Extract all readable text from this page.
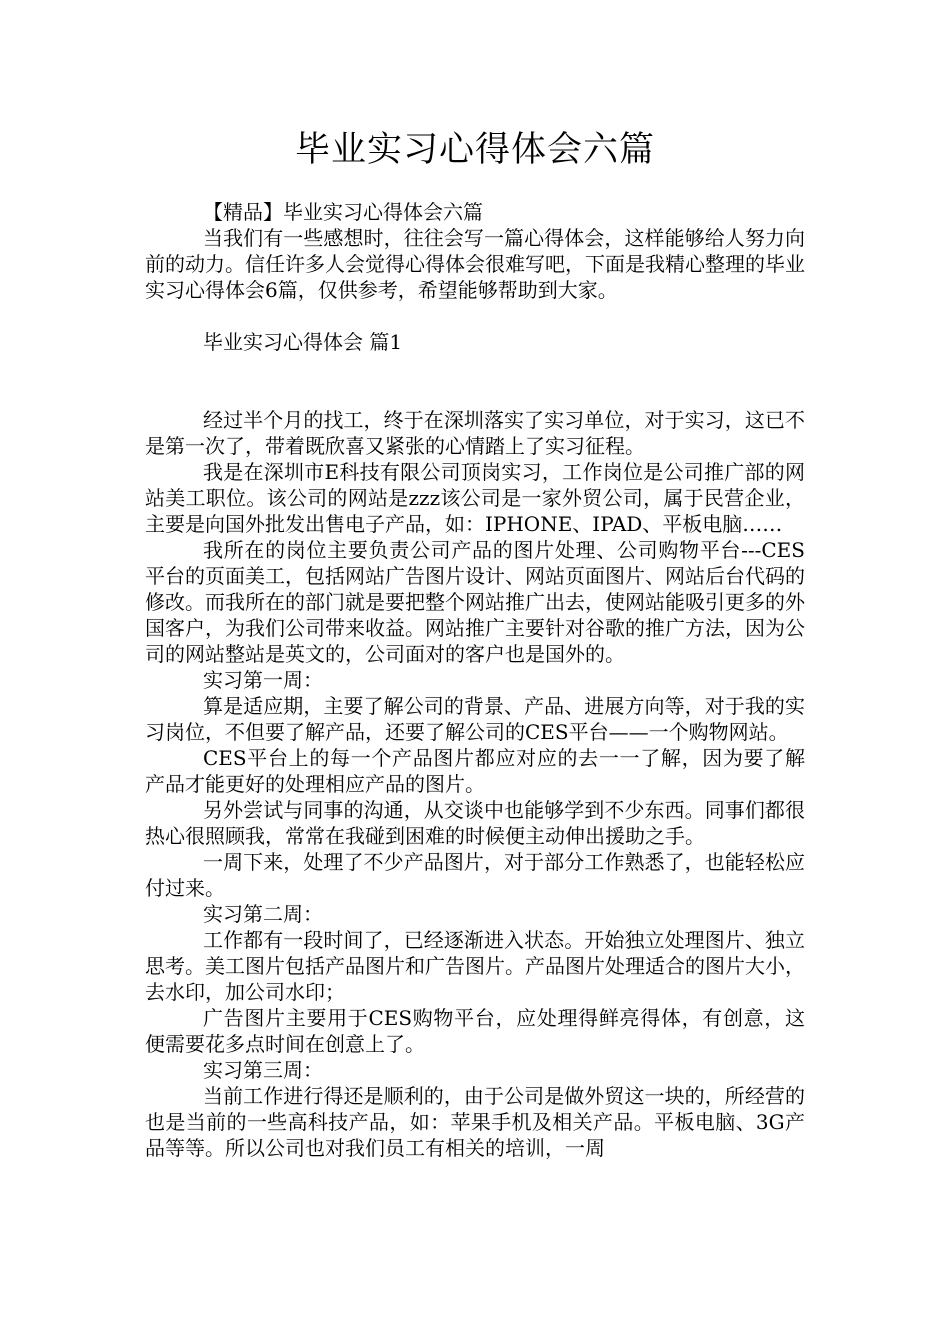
毕业实习心得体会六篇

【精品】毕业实习心得体会六篇

当我们有一些感想时，往往会写一篇心得体会，这样能够给人努力向前的动力。信任许多人会觉得心得体会很难写吧，下面是我精心整理的毕业实习心得体会6篇，仅供参考，希望能够帮助到大家。

毕业实习心得体会 篇1

经过半个月的找工，终于在深圳落实了实习单位，对于实习，这已不是第一次了，带着既欣喜又紧张的心情踏上了实习征程。

我是在深圳市E科技有限公司顶岗实习，工作岗位是公司推广部的网站美工职位。该公司的网站是zzz该公司是一家外贸公司，属于民营企业，主要是向国外批发出售电子产品，如：IPHONE、IPAD、平板电脑……

我所在的岗位主要负责公司产品的图片处理、公司购物平台---CES平台的页面美工，包括网站广告图片设计、网站页面图片、网站后台代码的修改。而我所在的部门就是要把整个网站推广出去，使网站能吸引更多的外国客户，为我们公司带来收益。网站推广主要针对谷歌的推广方法，因为公司的网站整站是英文的，公司面对的客户也是国外的。

实习第一周：

算是适应期，主要了解公司的背景、产品、进展方向等，对于我的实习岗位，不但要了解产品，还要了解公司的CES平台——一个购物网站。

CES平台上的每一个产品图片都应对应的去一一了解，因为要了解产品才能更好的处理相应产品的图片。

另外尝试与同事的沟通，从交谈中也能够学到不少东西。同事们都很热心很照顾我，常常在我碰到困难的时候便主动伸出援助之手。

一周下来，处理了不少产品图片，对于部分工作熟悉了，也能轻松应付过来。

实习第二周：

工作都有一段时间了，已经逐渐进入状态。开始独立处理图片、独立思考。美工图片包括产品图片和广告图片。产品图片处理适合的图片大小，去水印，加公司水印；

广告图片主要用于CES购物平台，应处理得鲜亮得体，有创意，这便需要花多点时间在创意上了。

实习第三周：

当前工作进行得还是顺利的，由于公司是做外贸这一块的，所经营的也是当前的一些高科技产品，如：苹果手机及相关产品。平板电脑、3G产品等等。所以公司也对我们员工有相关的培训，一周
